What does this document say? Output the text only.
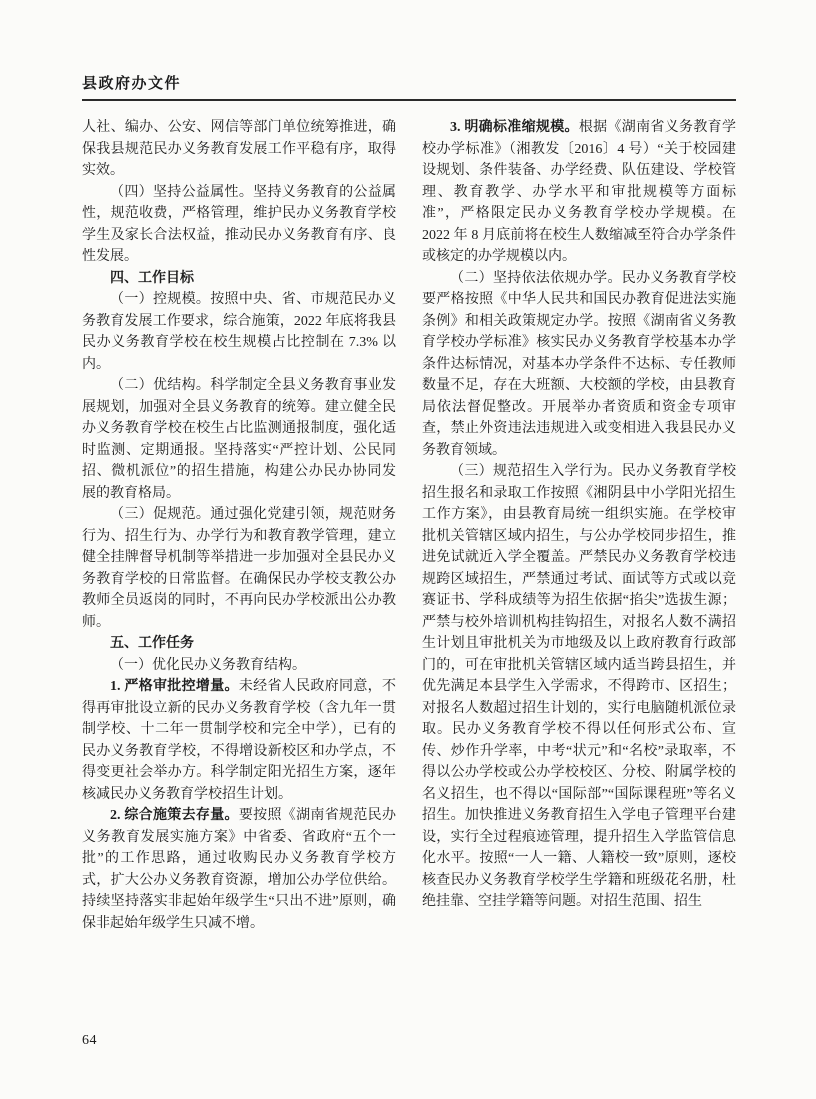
县政府办文件

人社、编办、公安、网信等部门单位统筹推进，确保我县规范民办义务教育发展工作平稳有序，取得实效。

（四）坚持公益属性。坚持义务教育的公益属性，规范收费，严格管理，维护民办义务教育学校学生及家长合法权益，推动民办义务教育有序、良性发展。

四、工作目标

（一）控规模。按照中央、省、市规范民办义务教育发展工作要求，综合施策，2022 年底将我县民办义务教育学校在校生规模占比控制在 7.3% 以内。

（二）优结构。科学制定全县义务教育事业发展规划，加强对全县义务教育的统筹。建立健全民办义务教育学校在校生占比监测通报制度，强化适时监测、定期通报。坚持落实“严控计划、公民同招、微机派位”的招生措施，构建公办民办协同发展的教育格局。

（三）促规范。通过强化党建引领，规范财务行为、招生行为、办学行为和教育教学管理，建立健全挂牌督导机制等举措进一步加强对全县民办义务教育学校的日常监督。在确保民办学校支教公办教师全员返岗的同时，不再向民办学校派出公办教师。

五、工作任务

（一）优化民办义务教育结构。

1. 严格审批控增量。未经省人民政府同意，不得再审批设立新的民办义务教育学校（含九年一贯制学校、十二年一贯制学校和完全中学），已有的民办义务教育学校，不得增设新校区和办学点，不得变更社会举办方。科学制定阳光招生方案，逐年核减民办义务教育学校招生计划。

2. 综合施策去存量。要按照《湖南省规范民办义务教育发展实施方案》中省委、省政府“五个一批”的工作思路，通过收购民办义务教育学校方式，扩大公办义务教育资源，增加公办学位供给。持续坚持落实非起始年级学生“只出不进”原则，确保非起始年级学生只减不增。

3. 明确标准缩规模。根据《湖南省义务教育学校办学标准》（湘教发〔2016〕4 号）“关于校园建设规划、条件装备、办学经费、队伍建设、学校管理、教育教学、办学水平和审批规模等方面标准”，严格限定民办义务教育学校办学规模。在 2022 年 8 月底前将在校生人数缩减至符合办学条件或核定的办学规模以内。

（二）坚持依法依规办学。民办义务教育学校要严格按照《中华人民共和国民办教育促进法实施条例》和相关政策规定办学。按照《湖南省义务教育学校办学标准》核实民办义务教育学校基本办学条件达标情况，对基本办学条件不达标、专任教师数量不足，存在大班额、大校额的学校，由县教育局依法督促整改。开展举办者资质和资金专项审查，禁止外资违法违规进入或变相进入我县民办义务教育领域。

（三）规范招生入学行为。民办义务教育学校招生报名和录取工作按照《湘阴县中小学阳光招生工作方案》，由县教育局统一组织实施。在学校审批机关管辖区域内招生，与公办学校同步招生，推进免试就近入学全覆盖。严禁民办义务教育学校违规跨区域招生，严禁通过考试、面试等方式或以竞赛证书、学科成绩等为招生依据“掐尖”选拔生源；严禁与校外培训机构挂钩招生，对报名人数不满招生计划且审批机关为市地级及以上政府教育行政部门的，可在审批机关管辖区域内适当跨县招生，并优先满足本县学生入学需求，不得跨市、区招生；对报名人数超过招生计划的，实行电脑随机派位录取。民办义务教育学校不得以任何形式公布、宣传、炒作升学率，中考“状元”和“名校”录取率，不得以公办学校或公办学校校区、分校、附属学校的名义招生，也不得以“国际部”“国际课程班”等名义招生。加快推进义务教育招生入学电子管理平台建设，实行全过程痕迹管理，提升招生入学监管信息化水平。按照“一人一籍、人籍校一致”原则，逐校核查民办义务教育学校学生学籍和班级花名册，杜绝挂靠、空挂学籍等问题。对招生范围、招生

64
